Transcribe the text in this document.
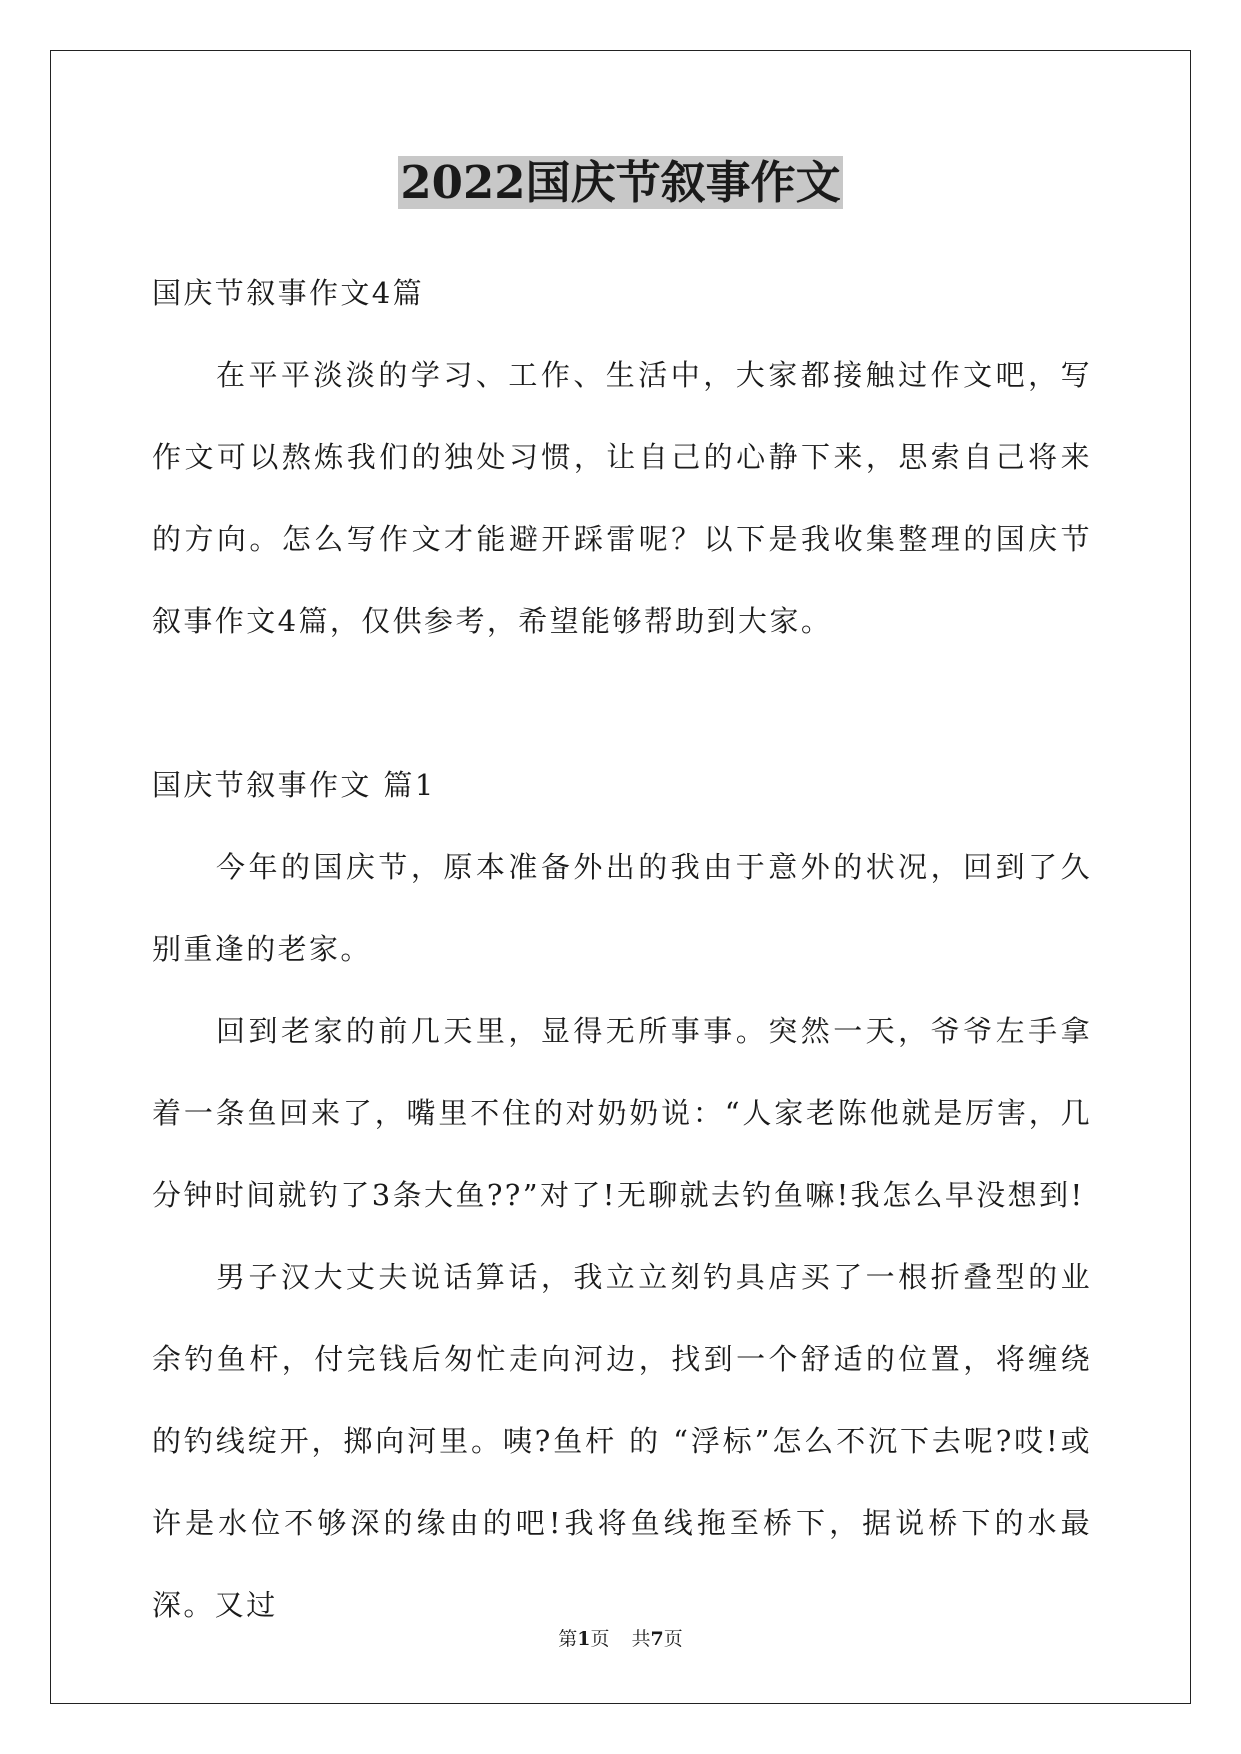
2022国庆节叙事作文

国庆节叙事作文4篇

在平平淡淡的学习、工作、生活中，大家都接触过作文吧，写作文可以熬炼我们的独处习惯，让自己的心静下来，思索自己将来的方向。怎么写作文才能避开踩雷呢？以下是我收集整理的国庆节叙事作文4篇，仅供参考，希望能够帮助到大家。

国庆节叙事作文 篇1

今年的国庆节，原本准备外出的我由于意外的状况，回到了久别重逢的老家。

回到老家的前几天里，显得无所事事。突然一天，爷爷左手拿着一条鱼回来了，嘴里不住的对奶奶说：“人家老陈他就是厉害，几分钟时间就钓了3条大鱼??”对了!无聊就去钓鱼嘛!我怎么早没想到!

男子汉大丈夫说话算话，我立立刻钓具店买了一根折叠型的业余钓鱼杆，付完钱后匆忙走向河边，找到一个舒适的位置，将缠绕的钓线绽开，掷向河里。咦?鱼杆 的 “浮标”怎么不沉下去呢?哎!或许是水位不够深的缘由的吧!我将鱼线拖至桥下，据说桥下的水最深。又过

第1页 共7页
